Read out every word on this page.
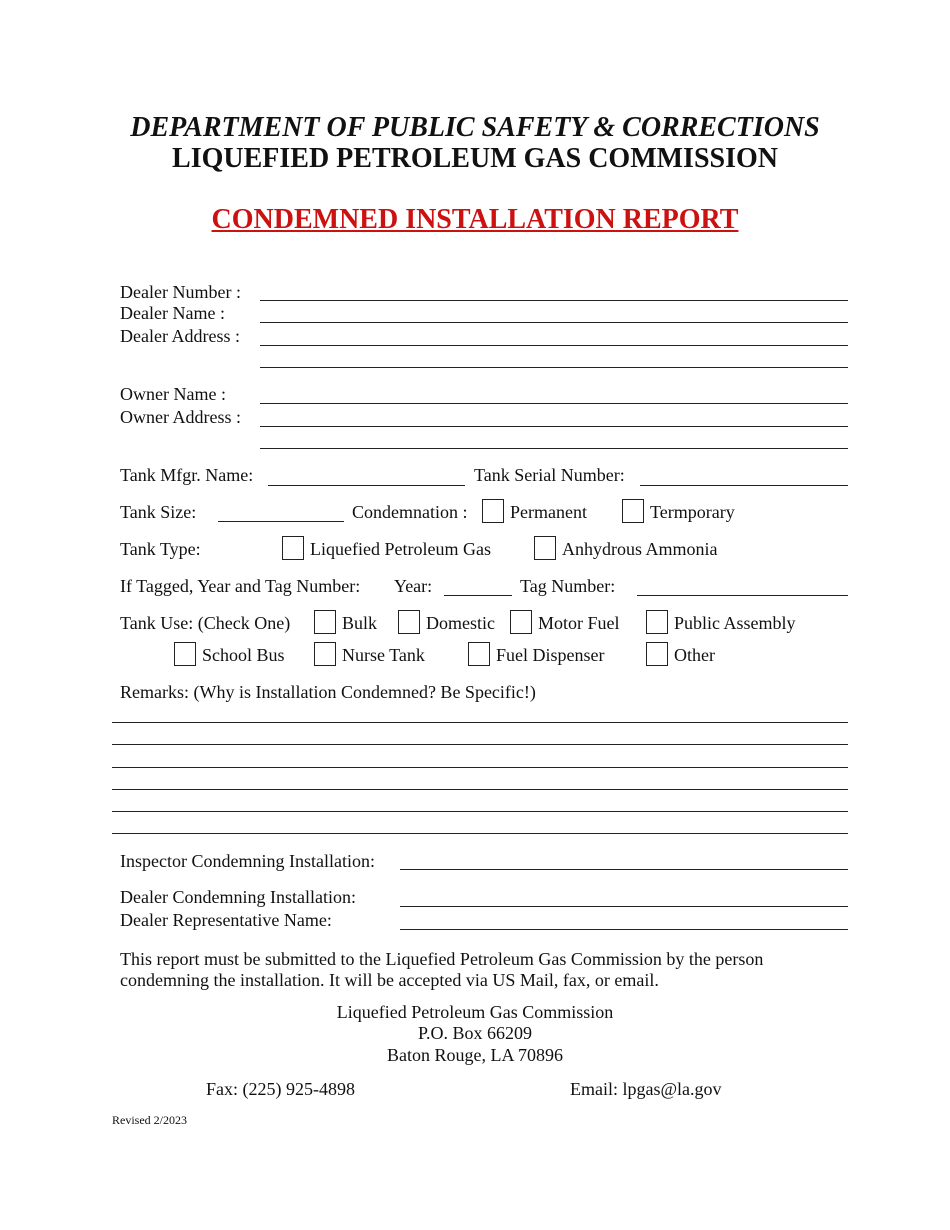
DEPARTMENT OF PUBLIC SAFETY & CORRECTIONS
LIQUEFIED PETROLEUM GAS COMMISSION
CONDEMNED INSTALLATION REPORT
Dealer Number :
Dealer Name :
Dealer Address :
Owner Name :
Owner Address :
Tank Mfgr. Name:	Tank Serial Number:
Tank Size:	Condemnation : Permanent	Termporary
Tank Type:	Liquefied Petroleum Gas	Anhydrous Ammonia
If Tagged, Year and Tag Number: Year:	Tag Number:
Tank Use: (Check One)	Bulk	Domestic Motor Fuel	Public Assembly
School Bus	Nurse Tank	Fuel Dispenser	Other
Remarks: (Why is Installation Condemned? Be Specific!)
Inspector Condemning Installation:
Dealer Condemning Installation:
Dealer Representative Name:
This report must be submitted to the Liquefied Petroleum Gas Commission by the person
condemning the installation. It will be accepted via US Mail, fax, or email.
Liquefied Petroleum Gas Commission
P.O. Box 66209
Baton Rouge, LA 70896
Fax: (225) 925-4898	Email: lpgas@la.gov
Revised 2/2023
